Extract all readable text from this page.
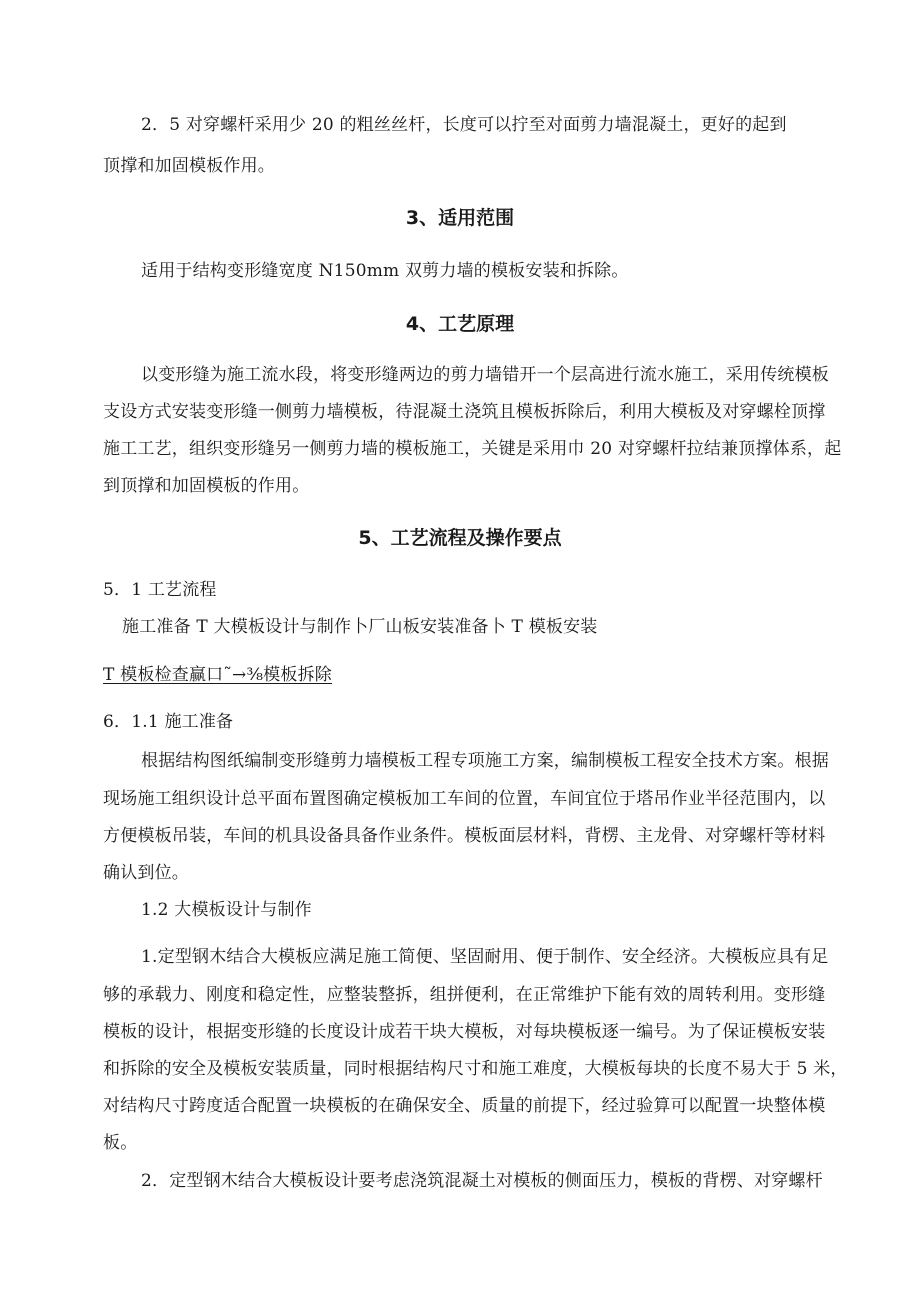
2．5 对穿螺杆采用少 20 的粗丝丝杆，长度可以拧至对面剪力墙混凝土，更好的起到
顶撑和加固模板作用。
3、适用范围
适用于结构变形缝宽度 N150mm 双剪力墙的模板安装和拆除。
4、工艺原理
以变形缝为施工流水段，将变形缝两边的剪力墙错开一个层高进行流水施工，采用传统模板
支设方式安装变形缝一侧剪力墙模板，待混凝土浇筑且模板拆除后，利用大模板及对穿螺栓顶撑
施工工艺，组织变形缝另一侧剪力墙的模板施工，关键是采用巾 20 对穿螺杆拉结兼顶撑体系，起
到顶撑和加固模板的作用。
5、工艺流程及操作要点
5．1 工艺流程
施工准备 T 大模板设计与制作卜厂山板安装准备卜 T 模板安装
T 模板检查赢口˜→⅜模板拆除
6．1.1 施工准备
根据结构图纸编制变形缝剪力墙模板工程专项施工方案，编制模板工程安全技术方案。根据
现场施工组织设计总平面布置图确定模板加工车间的位置，车间宜位于塔吊作业半径范围内，以
方便模板吊装，车间的机具设备具备作业条件。模板面层材料，背楞、主龙骨、对穿螺杆等材料
确认到位。
1.2 大模板设计与制作
1.定型钢木结合大模板应满足施工简便、坚固耐用、便于制作、安全经济。大模板应具有足
够的承载力、刚度和稳定性，应整装整拆，组拼便利，在正常维护下能有效的周转利用。变形缝
模板的设计，根据变形缝的长度设计成若干块大模板，对每块模板逐一编号。为了保证模板安装
和拆除的安全及模板安装质量，同时根据结构尺寸和施工难度，大模板每块的长度不易大于 5 米，
对结构尺寸跨度适合配置一块模板的在确保安全、质量的前提下，经过验算可以配置一块整体模
板。
2．定型钢木结合大模板设计要考虑浇筑混凝土对模板的侧面压力，模板的背楞、对穿螺杆
